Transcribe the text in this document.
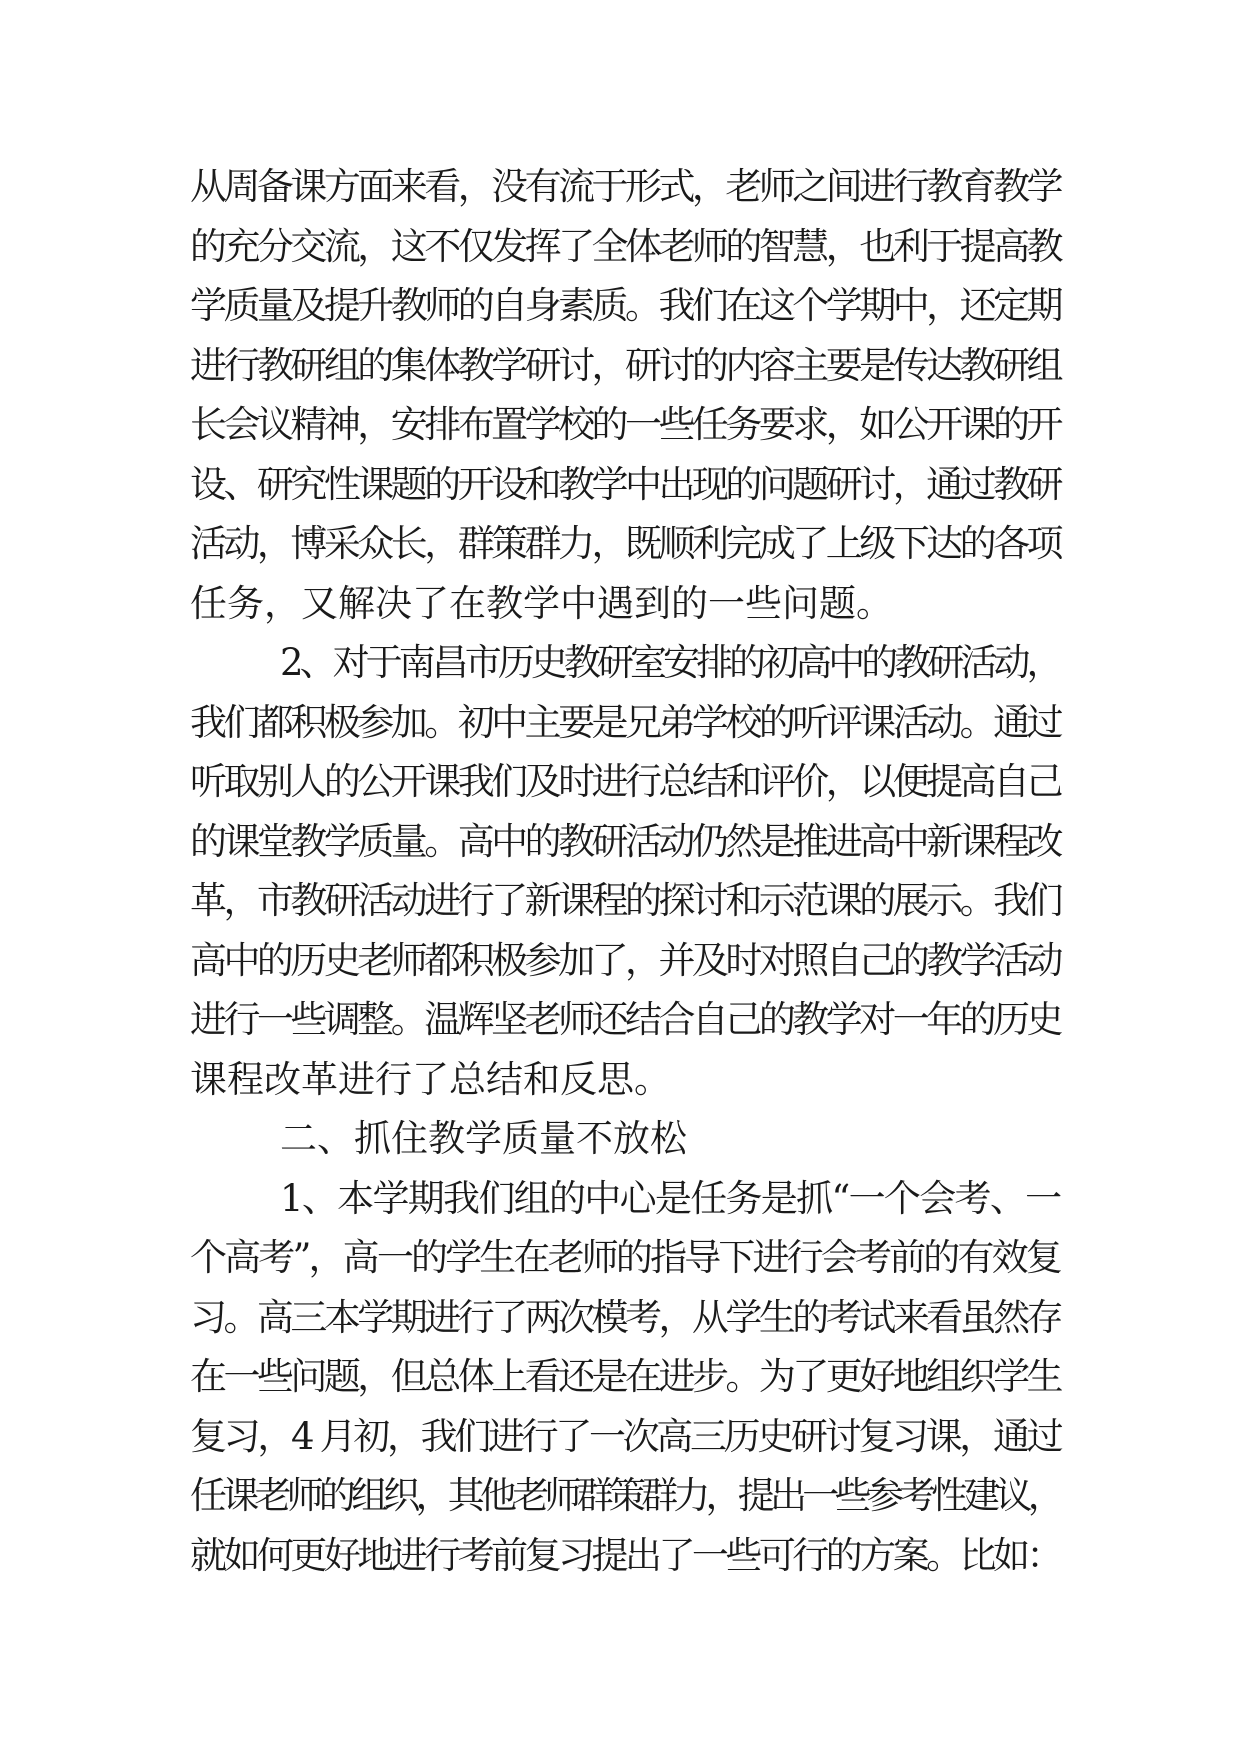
从周备课方面来看，没有流于形式，老师之间进行教育教学
的充分交流，这不仅发挥了全体老师的智慧，也利于提高教
学质量及提升教师的自身素质。我们在这个学期中，还定期
进行教研组的集体教学研讨，研讨的内容主要是传达教研组
长会议精神，安排布置学校的一些任务要求，如公开课的开
设、研究性课题的开设和教学中出现的问题研讨，通过教研
活动，博采众长，群策群力，既顺利完成了上级下达的各项
任务，又解决了在教学中遇到的一些问题。
2、对于南昌市历史教研室安排的初高中的教研活动，
我们都积极参加。初中主要是兄弟学校的听评课活动。通过
听取别人的公开课我们及时进行总结和评价，以便提高自己
的课堂教学质量。高中的教研活动仍然是推进高中新课程改
革，市教研活动进行了新课程的探讨和示范课的展示。我们
高中的历史老师都积极参加了，并及时对照自己的教学活动
进行一些调整。温辉坚老师还结合自己的教学对一年的历史
课程改革进行了总结和反思。
二、抓住教学质量不放松
1、本学期我们组的中心是任务是抓“一个会考、一
个高考”，高一的学生在老师的指导下进行会考前的有效复
习。高三本学期进行了两次模考，从学生的考试来看虽然存
在一些问题，但总体上看还是在进步。为了更好地组织学生
复习，4 月初，我们进行了一次高三历史研讨复习课，通过
任课老师的组织，其他老师群策群力，提出一些参考性建议，
就如何更好地进行考前复习提出了一些可行的方案。比如：
